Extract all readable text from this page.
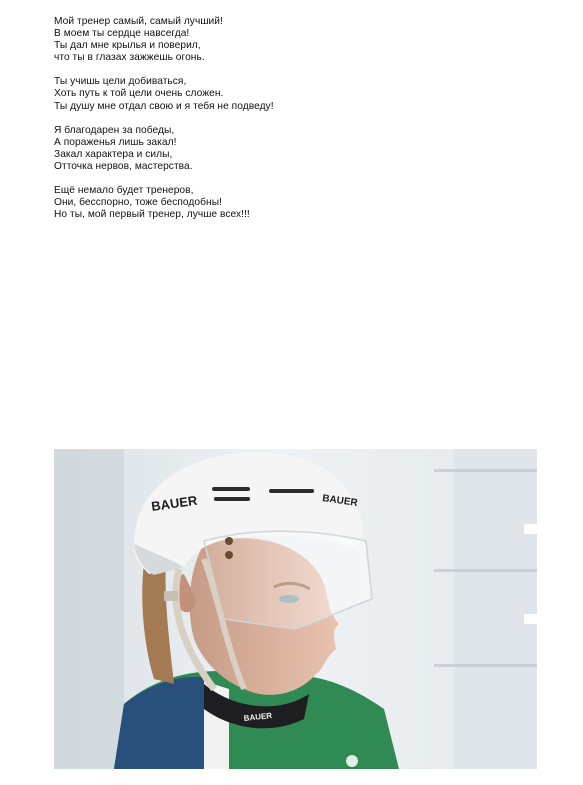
Мой тренер самый, самый лучший!
В моем ты сердце навсегда!
Ты дал мне крылья и поверил,
что ты в глазах зажжешь огонь.
Ты учишь цели добиваться,
Хоть путь к той цели очень сложен.
Ты душу мне отдал свою и я тебя не подведу!
Я благодарен за победы,
А пораженья лишь закал!
Закал характера и силы,
Отточка нервов, мастерства.
Ещё немало будет тренеров,
Они, бесспорно, тоже бесподобны!
Но ты, мой первый тренер, лучше всех!!!
BAUER	BAUER
BAUER
